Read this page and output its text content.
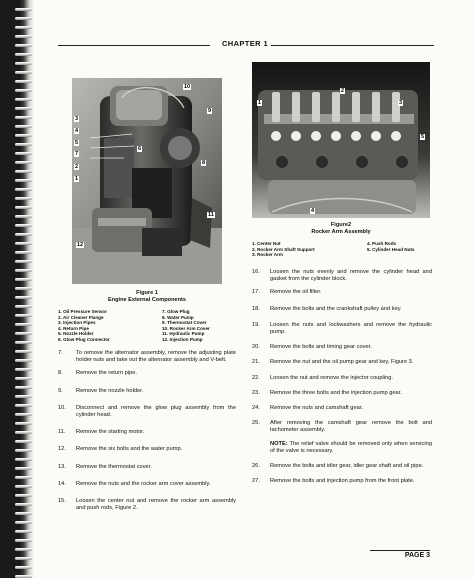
CHAPTER 1
10
9
3
4
5
7
6
8
2
1
11
12
Figure 1
Engine External Components
1. Oil Pressure Sensor
2. Air Cleaner Flange
3. Injection Pipes
4. Return Pipe
5. Nozzle Holder
6. Glow Plug Connector
7. Glow Plug
8. Water Pump
9. Thermostat Cover
10. Rocker Arm Cover
11. Hydraulic Pump
12. Injection Pump
1
2
3
4
5
Figure2
Rocker Arm Assembly
1. Center Nut
2. Rocker Arm Shaft Support
3. Rocker Arm
4. Push Rods
5. Cylinder Head Nuts
7.	To remove the alternator assembly, remove the adjusting plate holder nuts and take out the alternator assembly and V-belt.
8.	Remove the return pipe.
9.	Remove the nozzle holder.
10.	Disconnect and remove the glow plug assembly from the cylinder head.
11.	Remove the starting motor.
12.	Remove the six bolts and the water pump.
13.	Remove the thermostat cover.
14.	Remove the nuts and the rocker arm cover assembly.
15.	Loosen the center nut and remove the rocker arm assembly and push rods, Figure 2.
16.	Loosen the nuts evenly and remove the cylinder head and gasket from the cylinder block.
17.	Remove the oil filter.
18.	Remove the bolts and the crankshaft pulley and key.
19.	Loosen the nuts and lockwashers and remove the hydraulic pump.
20.	Remove the bolts and timing gear cover.
21.	Remove the nut and the oil pump gear and key, Figure 3.
22.	Loosen the nut and remove the injector coupling.
23.	Remove the three bolts and the injection pump gear.
24.	Remove the nuts and camshaft gear.
25.	After removing the camshaft gear remove the bolt and tachometer assembly.
NOTE: The relief valve should be removed only when servicing of the valve is necessary.
26.	Remove the bolts and idler gear, idler gear shaft and oil pipe.
27.	Remove the bolts and injection pump from the front plate.
PAGE 3
